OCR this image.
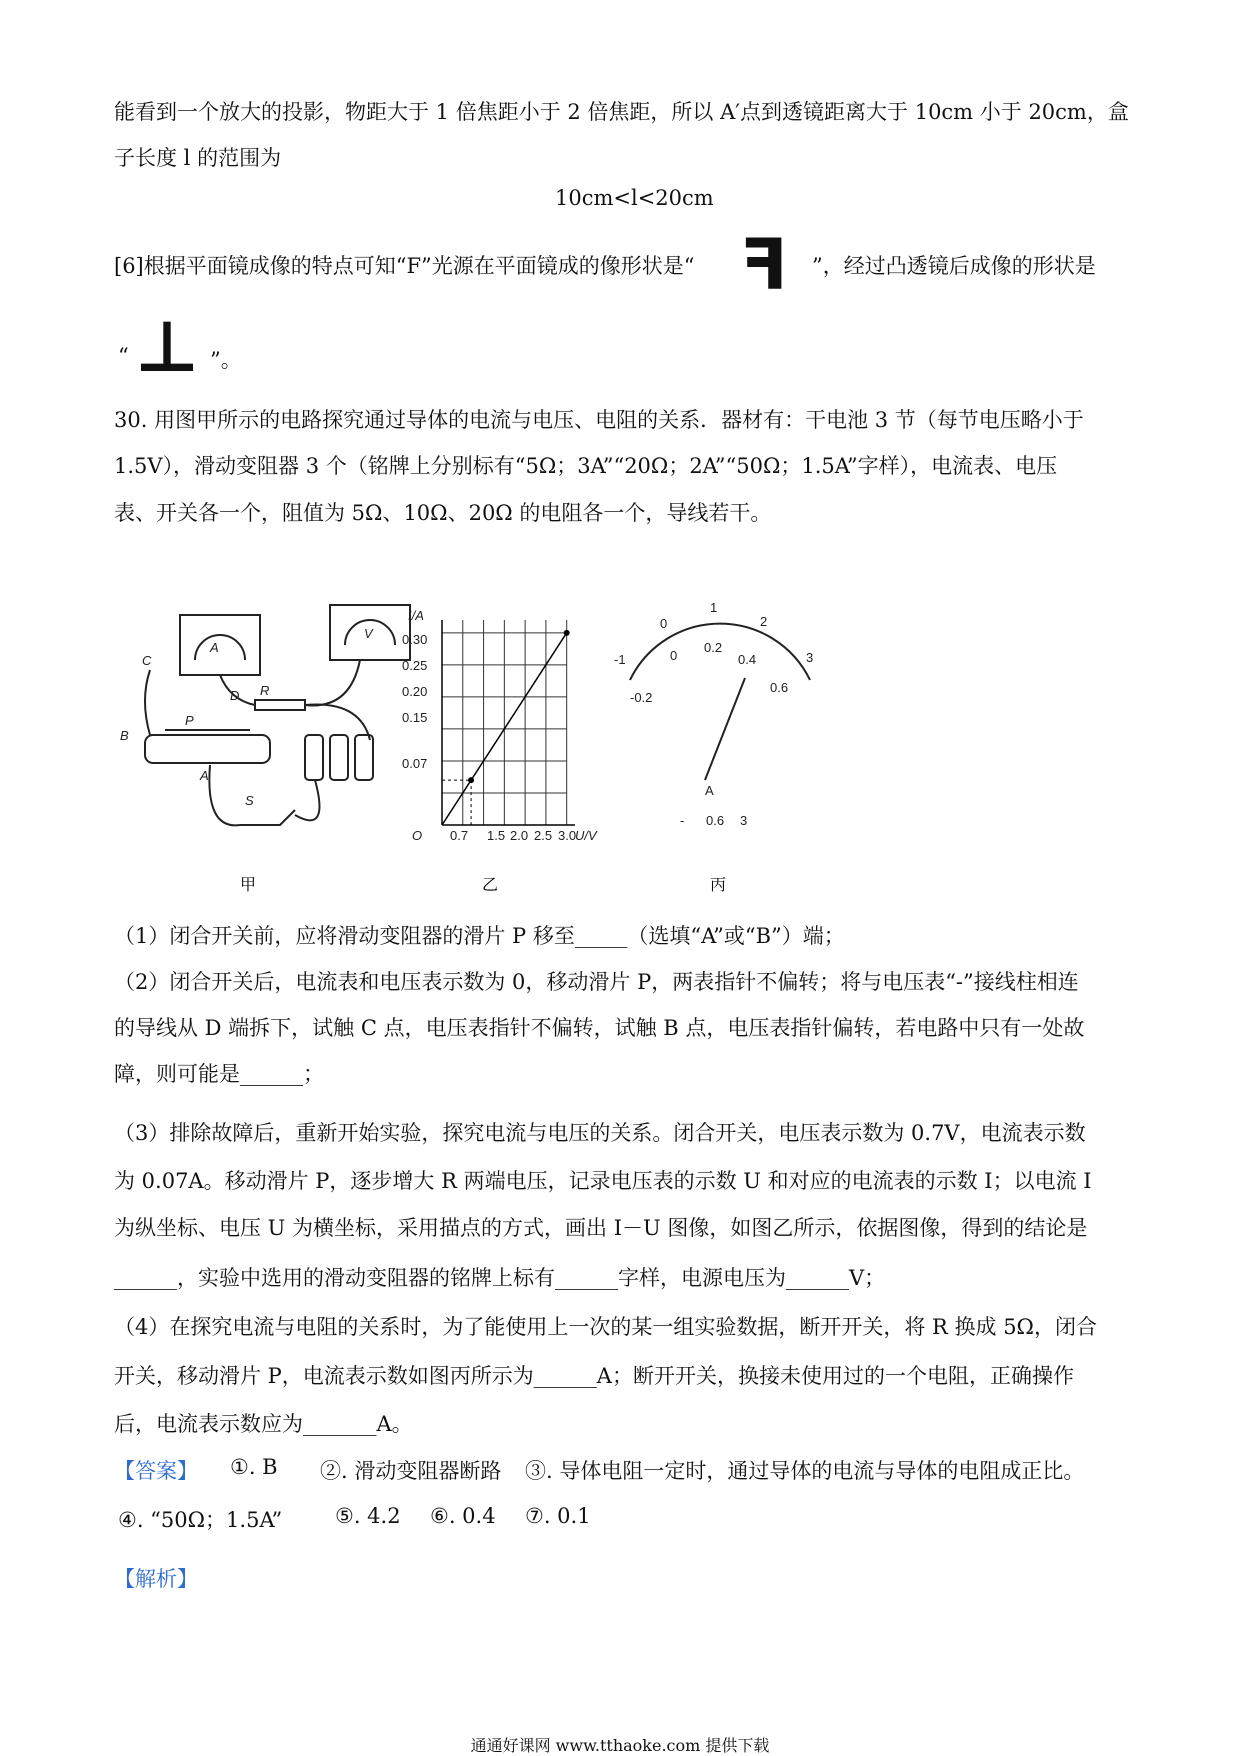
能看到一个放大的投影，物距大于 1 倍焦距小于 2 倍焦距，所以 A′点到透镜距离大于 10cm 小于 20cm，盒
子长度 l 的范围为
10cm<l<20cm
[6]根据平面镜成像的特点可知“F”光源在平面镜成的像形状是“ ꟻ ”，经过凸透镜后成像的形状是
“ ⊥ ”。
30. 用图甲所示的电路探究通过导体的电流与电压、电阻的关系．器材有：干电池 3 节（每节电压略小于
1.5V），滑动变阻器 3 个（铭牌上分别标有“5Ω；3A”“20Ω；2A”“50Ω；1.5A”字样），电流表、电压
表、开关各一个，阻值为 5Ω、10Ω、20Ω 的电阻各一个，导线若干。
A
V
C
B
P
A
D R
S
甲
I/A
U/V
O
0.30
0.25
0.20
0.15
0.07
0.7 1.5 2.0 2.5 3.0
乙
-1
0
1
2
3
-0.2
0
0.2
0.4
0.6
A
- 0.6 3
丙
（1）闭合开关前，应将滑动变阻器的滑片 P 移至_____（选填“A”或“B”）端；
（2）闭合开关后，电流表和电压表示数为 0，移动滑片 P，两表指针不偏转；将与电压表“-”接线柱相连
的导线从 D 端拆下，试触 C 点，电压表指针不偏转，试触 B 点，电压表指针偏转，若电路中只有一处故
障，则可能是______；
（3）排除故障后，重新开始实验，探究电流与电压的关系。闭合开关，电压表示数为 0.7V，电流表示数
为 0.07A。移动滑片 P，逐步增大 R 两端电压，记录电压表的示数 U 和对应的电流表的示数 I；以电流 I
为纵坐标、电压 U 为横坐标，采用描点的方式，画出 I－U 图像，如图乙所示，依据图像，得到的结论是
______，实验中选用的滑动变阻器的铭牌上标有______字样，电源电压为______V；
（4）在探究电流与电阻的关系时，为了能使用上一次的某一组实验数据，断开开关，将 R 换成 5Ω，闭合
开关，移动滑片 P，电流表示数如图丙所示为______A；断开开关，换接未使用过的一个电阻，正确操作
后，电流表示数应为_______A。
【答案】 ①. B ②. 滑动变阻器断路 ③. 导体电阻一定时，通过导体的电流与导体的电阻成正比。
④. “50Ω；1.5A”	⑤. 4.2 ⑥. 0.4 ⑦. 0.1
【解析】
通通好课网 www.tthaoke.com 提供下载
